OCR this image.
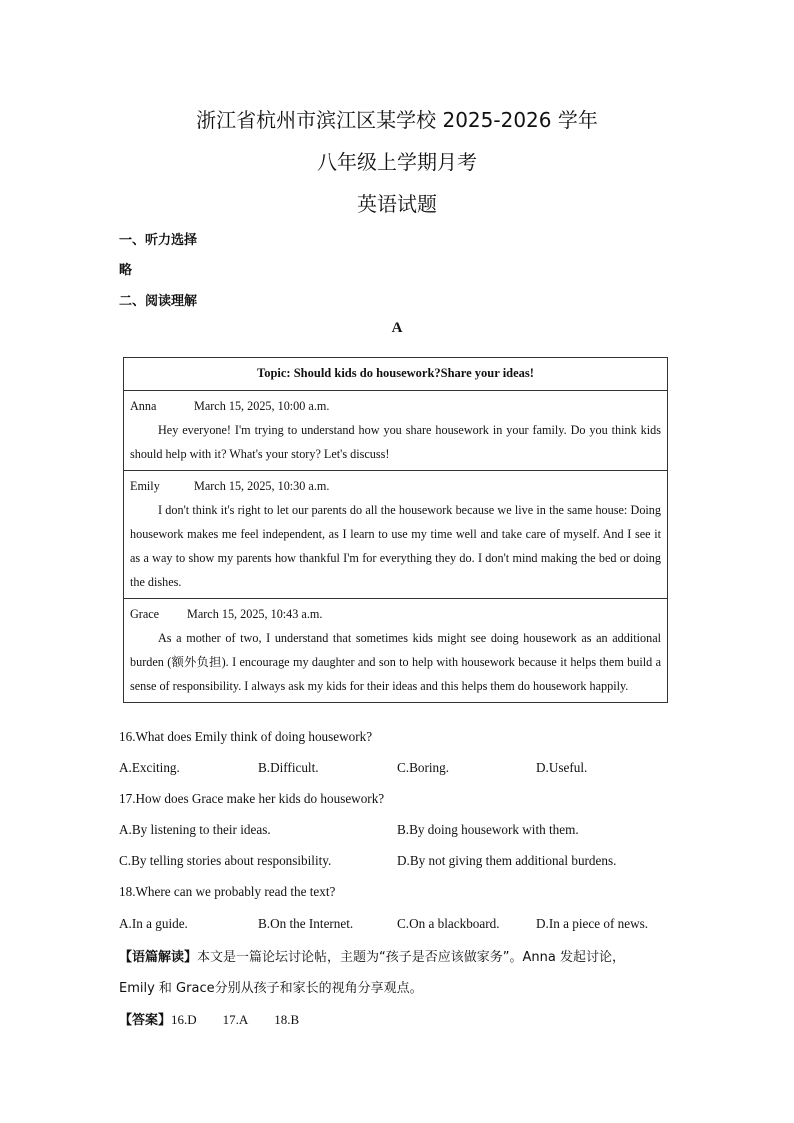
浙江省杭州市滨江区某学校 2025-2026 学年
八年级上学期月考
英语试题
一、听力选择
略
二、阅读理解
A
Topic: Should kids do housework?Share your ideas!

Anna	March 15, 2025, 10:00 a.m.
Hey everyone! I'm trying to understand how you share housework in your family. Do you think kids should help with it? What's your story? Let's discuss!

Emily	March 15, 2025, 10:30 a.m.
I don't think it's right to let our parents do all the housework because we live in the same house: Doing housework makes me feel independent, as I learn to use my time well and take care of myself. And I see it as a way to show my parents how thankful I'm for everything they do. I don't mind making the bed or doing the dishes.

Grace	March 15, 2025, 10:43 a.m.
As a mother of two, I understand that sometimes kids might see doing housework as an additional burden (额外负担). I encourage my daughter and son to help with housework because it helps them build a sense of responsibility. I always ask my kids for their ideas and this helps them do housework happily.
16.What does Emily think of doing housework?
A.Exciting.	B.Difficult.	C.Boring.	D.Useful.
17.How does Grace make her kids do housework?
A.By listening to their ideas.	B.By doing housework with them.
C.By telling stories about responsibility.	D.By not giving them additional burdens.
18.Where can we probably read the text?
A.In a guide.	B.On the Internet.	C.On a blackboard.	D.In a piece of news.
【语篇解读】本文是一篇论坛讨论帖，主题为“孩子是否应该做家务”。Anna 发起讨论，
Emily 和 Grace分别从孩子和家长的视角分享观点。
【答案】16.D 17.A 18.B
